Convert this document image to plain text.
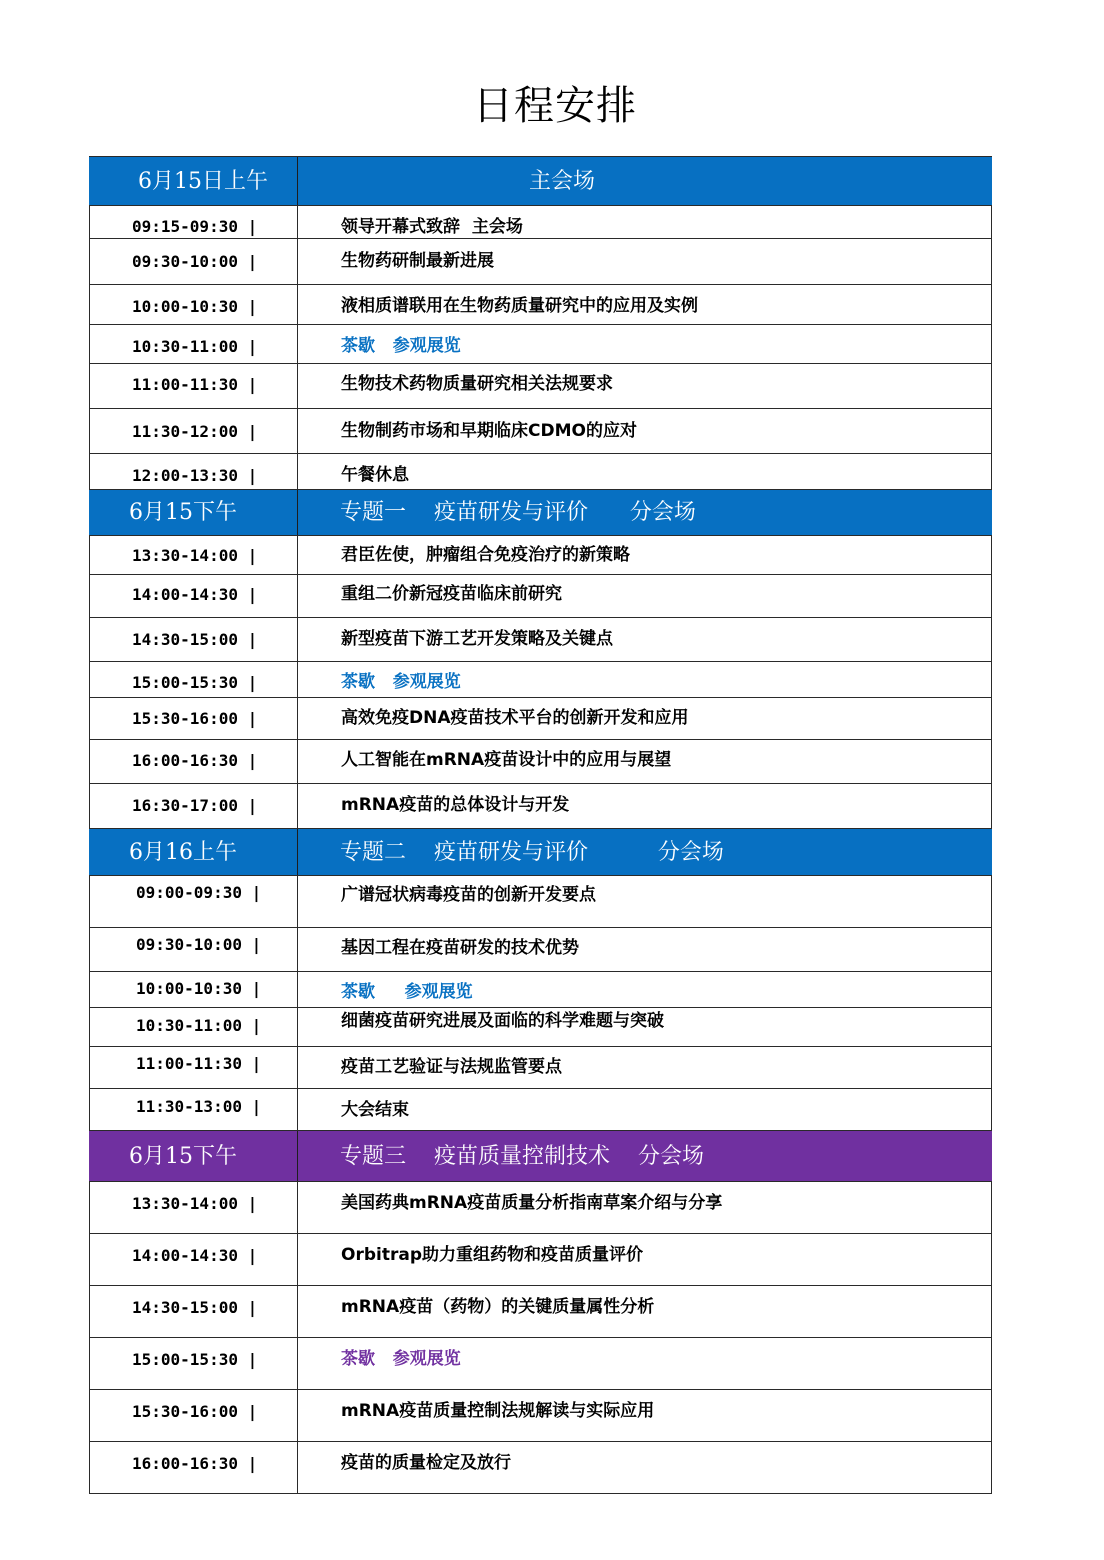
日程安排
6月15日上午	主会场
09:15-09:30 |	领导开幕式致辞  主会场
09:30-10:00 |	生物药研制最新进展
10:00-10:30 |	液相质谱联用在生物药质量研究中的应用及实例
10:30-11:00 |	茶歇   参观展览
11:00-11:30 |	生物技术药物质量研究相关法规要求
11:30-12:00 |	生物制药市场和早期临床CDMO的应对
12:00-13:30 |	午餐休息
6月15下午	专题一    疫苗研发与评价      分会场
13:30-14:00 |	君臣佐使，肿瘤组合免疫治疗的新策略
14:00-14:30 |	重组二价新冠疫苗临床前研究
14:30-15:00 |	新型疫苗下游工艺开发策略及关键点
15:00-15:30 |	茶歇   参观展览
15:30-16:00 |	高效免疫DNA疫苗技术平台的创新开发和应用
16:00-16:30 |	人工智能在mRNA疫苗设计中的应用与展望
16:30-17:00 |	mRNA疫苗的总体设计与开发
6月16上午	专题二    疫苗研发与评价          分会场
09:00-09:30 |	广谱冠状病毒疫苗的创新开发要点
09:30-10:00 |	基因工程在疫苗研发的技术优势
10:00-10:30 |	茶歇     参观展览
10:30-11:00 |	细菌疫苗研究进展及面临的科学难题与突破
11:00-11:30 |	疫苗工艺验证与法规监管要点
11:30-13:00 |	大会结束
6月15下午	专题三    疫苗质量控制技术    分会场
13:30-14:00 |	美国药典mRNA疫苗质量分析指南草案介绍与分享
14:00-14:30 |	Orbitrap助力重组药物和疫苗质量评价
14:30-15:00 |	mRNA疫苗（药物）的关键质量属性分析
15:00-15:30 |	茶歇   参观展览
15:30-16:00 |	mRNA疫苗质量控制法规解读与实际应用
16:00-16:30 |	疫苗的质量检定及放行
